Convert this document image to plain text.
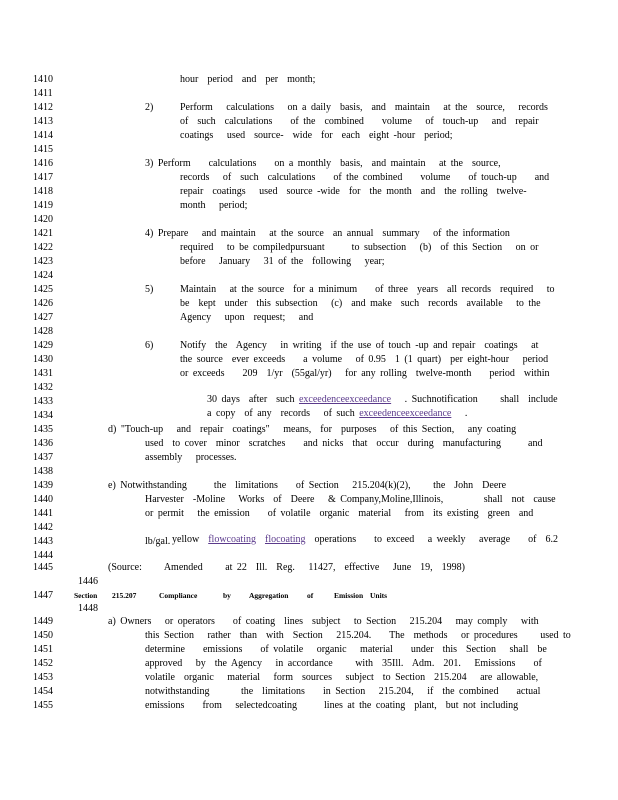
1410
1411
1412
1413
1414
1415
1416
1417
1418
1419
1420
1421
1422
1423
1424
1425
1426
1427
1428
1429
1430
1431
1432
1433
1434
1435
1436
1437
1438
1439
1440
1441
1442
1443
1444
1445
1446
1447
1448
1449
1450
1451
1452
1453
1454
1455
hour  period  and  per  month;
2)	Perform   calculations   on a daily  basis,  and  maintain   at the  source,   records
of  such  calculations    of the  combined    volume   of  touch-up   and  repair
coatings   used  source-  wide  for  each  eight -hour  period;
3) Perform    calculations    on a monthly  basis,  and maintain   at the  source,
records   of  such  calculations    of the combined    volume    of touch-up    and
repair  coatings   used  source -wide  for  the month  and  the rolling  twelve-
month   period;
4) Prepare   and maintain   at the source  an annual  summary   of the information
required   to be compiledpursuant      to subsection   (b)  of this Section   on or
before   January   31 of the  following   year;
5)	Maintain   at the source  for a minimum    of three  years  all records  required   to
be  kept  under  this subsection   (c)  and make  such  records  available   to the
Agency   upon  request;   and
6)	Notify  the  Agency   in writing  if the use of touch -up and repair  coatings   at
the source  ever exceeds    a volume   of 0.95  1 (1 quart)  per eight-hour   period
or exceeds    209  1/yr  (55gal/yr)   for any rolling  twelve-month    period  within

30 days  after  such exceedenceexceedance   . Suchnotification     shall  include

a copy  of any  records   of such exceedenceexceedance   .

d) "Touch-up   and  repair  coatings"   means,  for  purposes   of this Section,   any coating
used  to cover  minor  scratches    and nicks  that  occur  during  manufacturing      and
assembly   processes.
e) Notwithstanding      the  limitations    of Section   215.204(k)(2),     the  John  Deere
Harvester  -Moline   Works  of  Deere   & Company,Moline,Illinois,         shall  not  cause
or permit   the emission    of volatile  organic  material   from  its existing  green  and

yellow  flowcoating flocoating  operations    to exceed   a weekly   average    of  6.2

lb/gal.
(Source:     Amended     at 22  Ill.  Reg.   11427,  effective   June  19,  1998)
Section 215.207	Compliance	by Aggregation of	Emission Units
a) Owners   or operators    of coating  lines  subject   to Section   215.204   may comply   with
this Section   rather  than  with  Section   215.204.    The  methods   or procedures     used to
determine    emissions    of volatile   organic   material    under  this  Section   shall  be
approved   by  the Agency   in accordance     with  35Ill.  Adm.  201.   Emissions    of
volatile  organic   material   form  sources   subject  to Section  215.204   are allowable,
notwithstanding       the  limitations    in Section   215.204,   if  the combined    actual
emissions    from   selectedcoating      lines at the coating  plant,  but not including
